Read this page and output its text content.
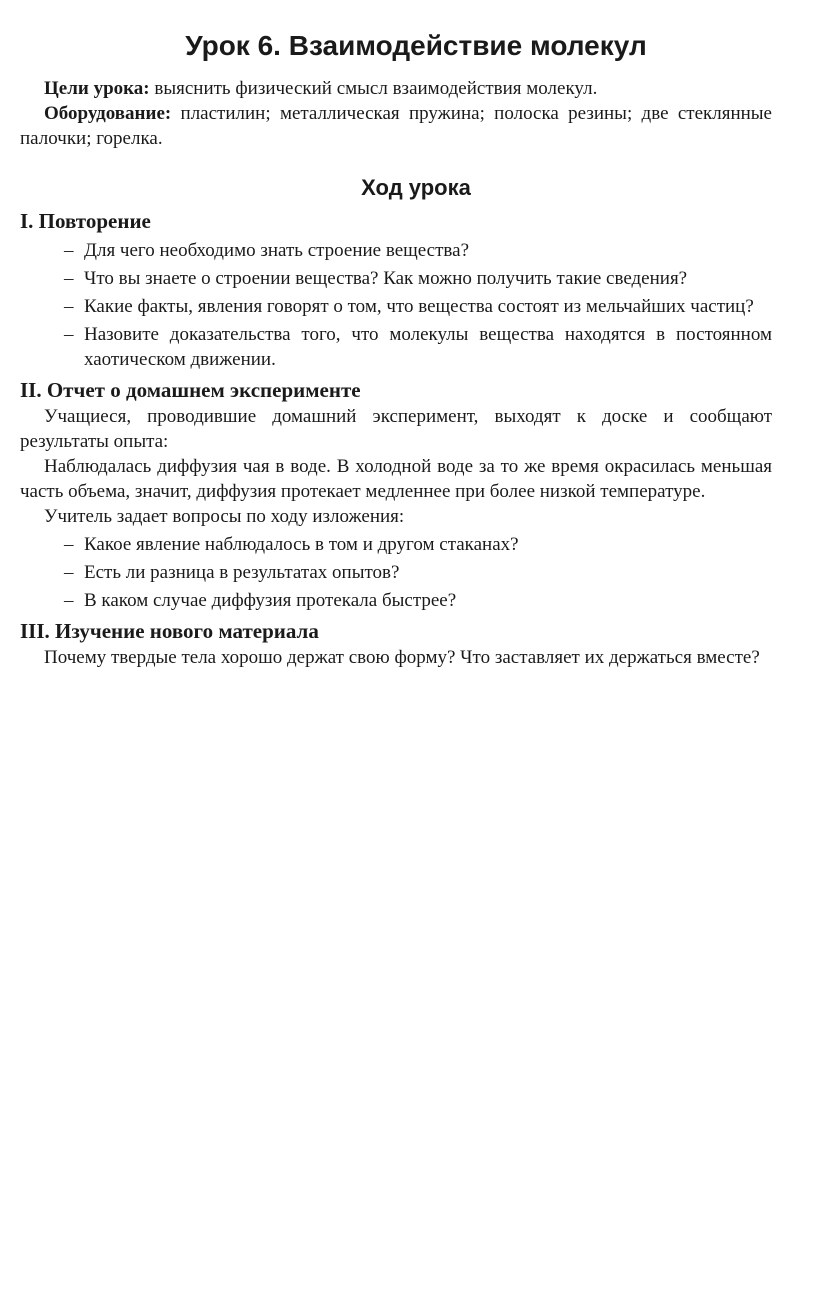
Урок 6. Взаимодействие молекул

Цели урока: выяснить физический смысл взаимодействия молекул.

Оборудование: пластилин; металлическая пружина; полоска резины; две стеклянные палочки; горелка.

Ход урока
I. Повторение
– Для чего необходимо знать строение вещества?
– Что вы знаете о строении вещества? Как можно получить такие сведения?
– Какие факты, явления говорят о том, что вещества состоят из мельчайших частиц?
– Назовите доказательства того, что молекулы вещества находятся в постоянном хаотическом движении.
II. Отчет о домашнем эксперименте

Учащиеся, проводившие домашний эксперимент, выходят к доске и сообщают результаты опыта:

Наблюдалась диффузия чая в воде. В холодной воде за то же время окрасилась меньшая часть объема, значит, диффузия протекает медленнее при более низкой температуре.

Учитель задает вопросы по ходу изложения:

– Какое явление наблюдалось в том и другом стаканах?
– Есть ли разница в результатах опытов?
– В каком случае диффузия протекала быстрее?
III. Изучение нового материала

Почему твердые тела хорошо держат свою форму? Что заставляет их держаться вместе?
